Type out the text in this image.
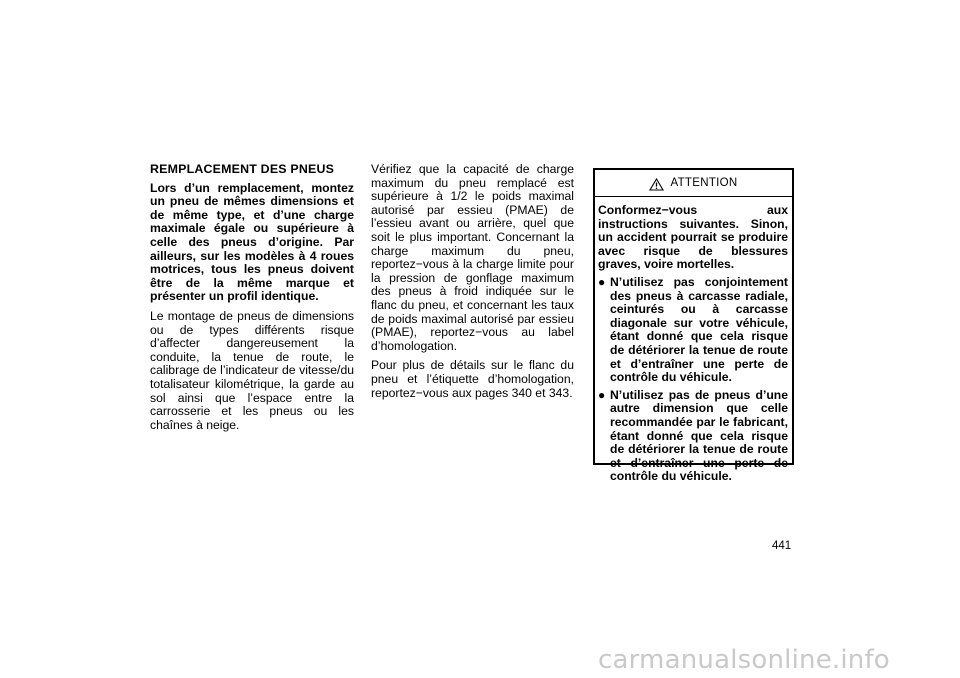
REMPLACEMENT DES PNEUS

Lors d’un remplacement, montez un pneu de mêmes dimensions et de même type, et d’une charge maximale égale ou supérieure à celle des pneus d’origine. Par ailleurs, sur les modèles à 4 roues motrices, tous les pneus doivent être de la même marque et présenter un profil identique.

Le montage de pneus de dimensions ou de types différents risque d’affecter dangereusement la conduite, la tenue de route, le calibrage de l’indicateur de vitesse/du totalisateur kilométrique, la garde au sol ainsi que l’espace entre la carrosserie et les pneus ou les chaînes à neige.

Vérifiez que la capacité de charge maximum du pneu remplacé est supérieure à 1/2 le poids maximal autorisé par essieu (PMAE) de l’essieu avant ou arrière, quel que soit le plus important. Concernant la charge maximum du pneu, reportez−vous à la charge limite pour la pression de gonflage maximum des pneus à froid indiquée sur le flanc du pneu, et concernant les taux de poids maximal autorisé par essieu (PMAE), reportez−vous au label d’homologation.

Pour plus de détails sur le flanc du pneu et l’étiquette d’homologation, reportez−vous aux pages 340 et 343.

ATTENTION

Conformez−vous aux instructions suivantes. Sinon, un accident pourrait se produire avec risque de blessures graves, voire mortelles.

● N’utilisez pas conjointement des pneus à carcasse radiale, ceinturés ou à carcasse diagonale sur votre véhicule, étant donné que cela risque de détériorer la tenue de route et d’entraîner une perte de contrôle du véhicule.
● N’utilisez pas de pneus d’une autre dimension que celle recommandée par le fabricant, étant donné que cela risque de détériorer la tenue de route et d’entraîner une perte de contrôle du véhicule.
441
carmanualsonline.info
